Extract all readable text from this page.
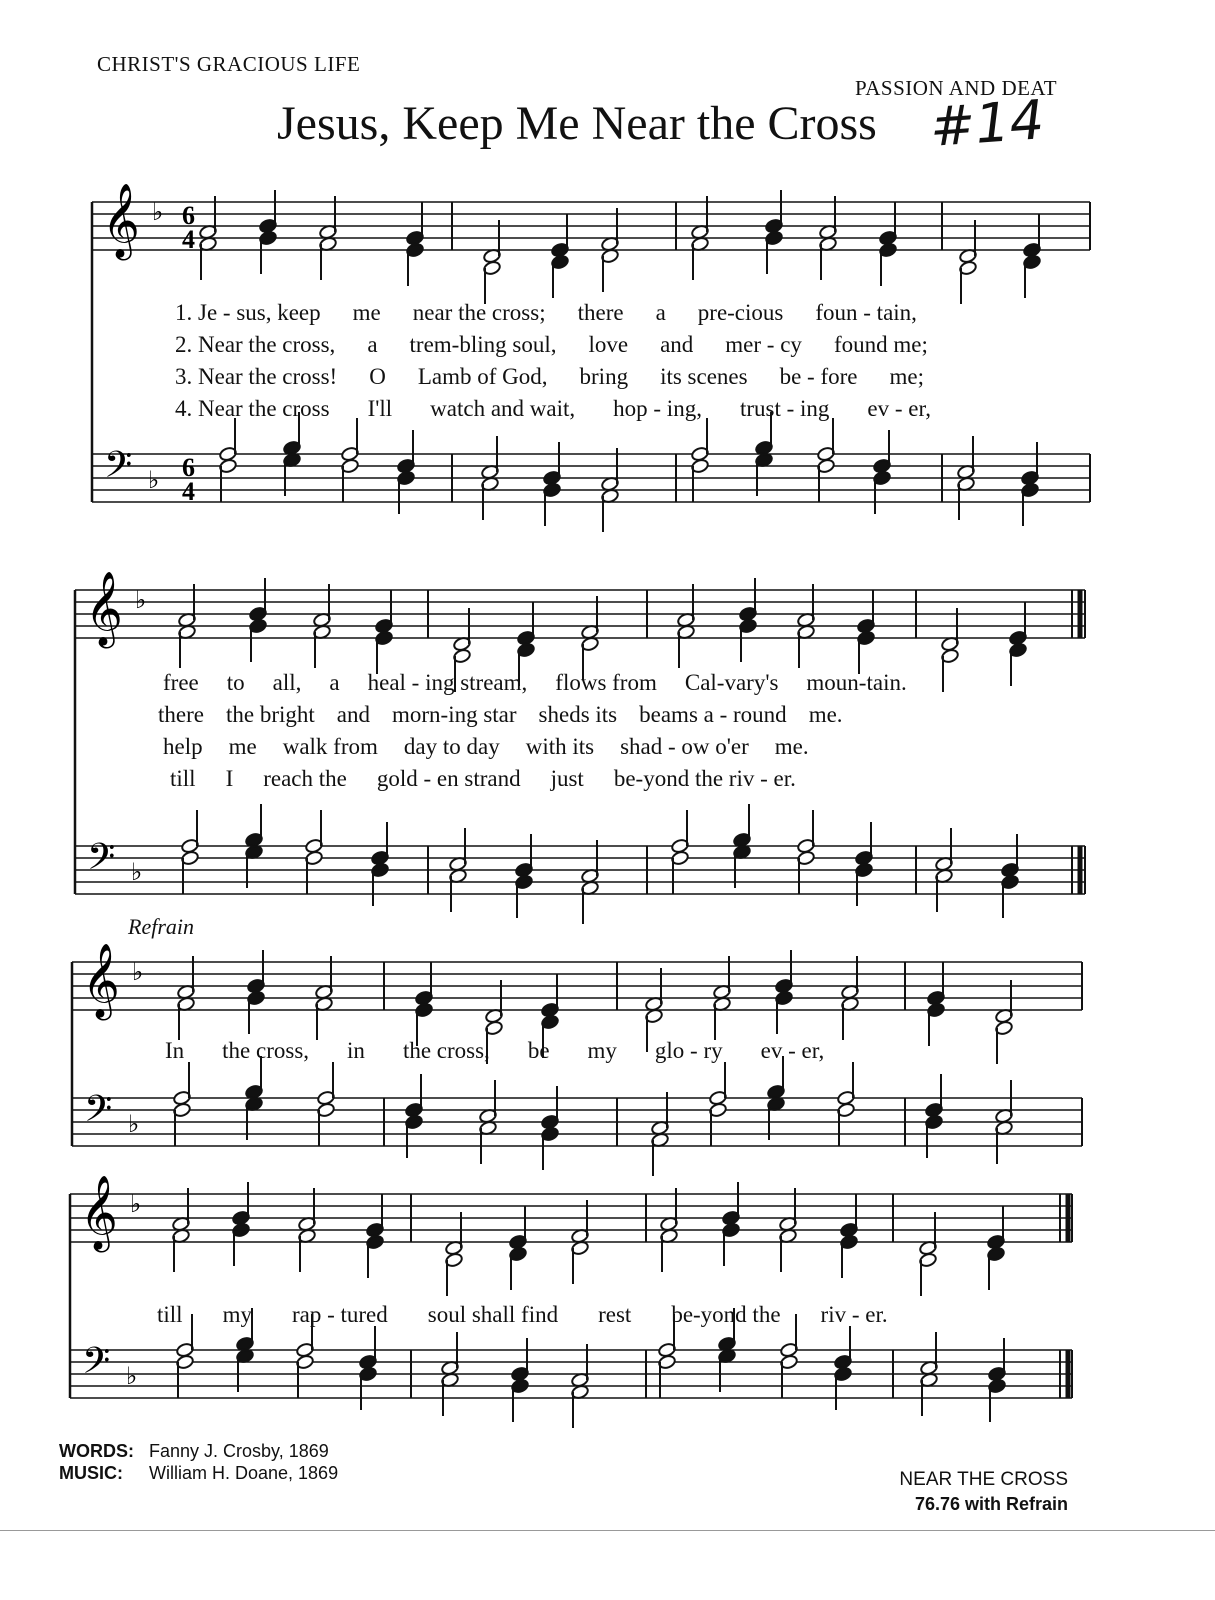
CHRIST'S GRACIOUS LIFE
PASSION AND DEAT
Jesus, Keep Me Near the Cross #14
𝄞
𝄢
♭
♭
6
4
6
4
𝄞
𝄢
♭
♭
𝄞
𝄢
♭
♭
𝄞
𝄢
♭
♭
1. Je - sus, keep me near the cross; there a pre-cious foun - tain,
2. Near the cross, a trem-bling soul, love and mer - cy found me;
3. Near the cross! O Lamb of God, bring its scenes be - fore me;
4. Near the cross I'll watch and wait, hop - ing, trust - ing ev - er,
free to all, a heal - ing stream, flows from Cal-vary's moun-tain.
there the bright and morn-ing star sheds its beams a - round me.
help me walk from day to day with its shad - ow o'er me.
till I reach the gold - en strand just be-yond the riv - er.
Refrain
In the cross, in the cross, be my glo - ry ev - er,
till my rap - tured soul shall find rest be-yond the riv - er.
WORDS: Fanny J. Crosby, 1869
MUSIC: William H. Doane, 1869	NEAR THE CROSS
76.76 with Refrain
